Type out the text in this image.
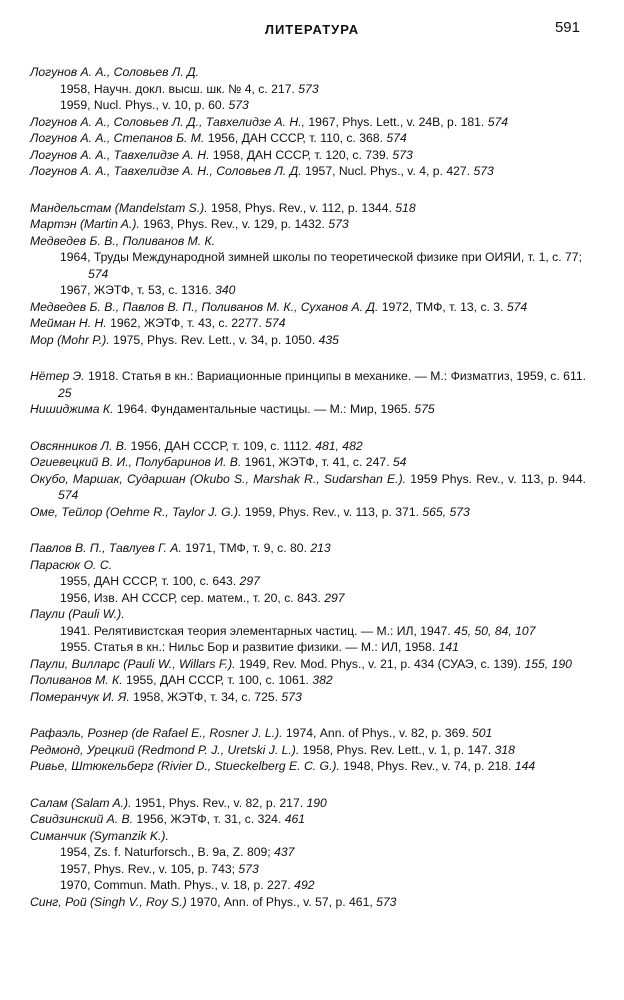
ЛИТЕРАТУРА	591
Логунов А. А., Соловьев Л. Д.
1958, Научн. докл. высш. шк. № 4, с. 217. 573
1959, Nucl. Phys., v. 10, p. 60. 573
Логунов А. А., Соловьев Л. Д., Тавхелидзе А. Н., 1967, Phys. Lett., v. 24B, p. 181. 574
Логунов А. А., Степанов Б. М. 1956, ДАН СССР, т. 110, с. 368. 574
Логунов А. А., Тавхелидзе А. Н. 1958, ДАН СССР, т. 120, с. 739. 573
Логунов А. А., Тавхелидзе А. Н., Соловьев Л. Д. 1957, Nucl. Phys., v. 4, p. 427. 573
Мандельстам (Mandelstam S.). 1958, Phys. Rev., v. 112, p. 1344. 518
Мартэн (Martin A.). 1963, Phys. Rev., v. 129, p. 1432. 573
Медведев Б. В., Поливанов М. К.
1964, Труды Международной зимней школы по теоретической физике при ОИЯИ, т. 1, с. 77; 574
1967, ЖЭТФ, т. 53, с. 1316. 340
Медведев Б. В., Павлов В. П., Поливанов М. К., Суханов А. Д. 1972, ТМФ, т. 13, с. 3. 574
Мейман Н. Н. 1962, ЖЭТФ, т. 43, с. 2277. 574
Мор (Mohr P.). 1975, Phys. Rev. Lett., v. 34, p. 1050. 435
Нётер Э. 1918. Статья в кн.: Вариационные принципы в механике. — М.: Физматгиз, 1959, с. 611. 25
Нишиджима К. 1964. Фундаментальные частицы. — М.: Мир, 1965. 575
Овсянников Л. В. 1956, ДАН СССР, т. 109, с. 1112. 481, 482
Огиевецкий В. И., Полубаринов И. В. 1961, ЖЭТФ, т. 41, с. 247. 54
Окубо, Маршак, Сударшан (Okubo S., Marshak R., Sudarshan E.). 1959 Phys. Rev., v. 113, p. 944. 574
Оме, Тейлор (Oehme R., Taylor J. G.). 1959, Phys. Rev., v. 113, p. 371. 565, 573
Павлов В. П., Тавлуев Г. А. 1971, ТМФ, т. 9, с. 80. 213
Парасюк О. С.
1955, ДАН СССР, т. 100, с. 643. 297
1956, Изв. АН СССР, сер. матем., т. 20, с. 843. 297
Паули (Pauli W.).
1941. Релятивистская теория элементарных частиц. — М.: ИЛ, 1947. 45, 50, 84, 107
1955. Статья в кн.: Нильс Бор и развитие физики. — М.: ИЛ, 1958. 141
Паули, Вилларс (Pauli W., Willars F.). 1949, Rev. Mod. Phys., v. 21, p. 434 (СУАЭ, с. 139). 155, 190
Поливанов М. К. 1955, ДАН СССР, т. 100, с. 1061. 382
Померанчук И. Я. 1958, ЖЭТФ, т. 34, с. 725. 573
Рафаэль, Рознер (de Rafael E., Rosner J. L.). 1974, Ann. of Phys., v. 82, p. 369. 501
Редмонд, Урецкий (Redmond P. J., Uretski J. L.). 1958, Phys. Rev. Lett., v. 1, p. 147. 318
Ривье, Штюкельберг (Rivier D., Stueckelberg E. C. G.). 1948, Phys. Rev., v. 74, p. 218. 144
Салам (Salam A.). 1951, Phys. Rev., v. 82, p. 217. 190
Свидзинский А. В. 1956, ЖЭТФ, т. 31, с. 324. 461
Симанчик (Symanzik K.).
1954, Zs. f. Naturforsch., B. 9a, Z. 809; 437
1957, Phys. Rev., v. 105, p. 743; 573
1970, Commun. Math. Phys., v. 18, p. 227. 492
Синг, Рой (Singh V., Roy S.) 1970, Ann. of Phys., v. 57, p. 461, 573
